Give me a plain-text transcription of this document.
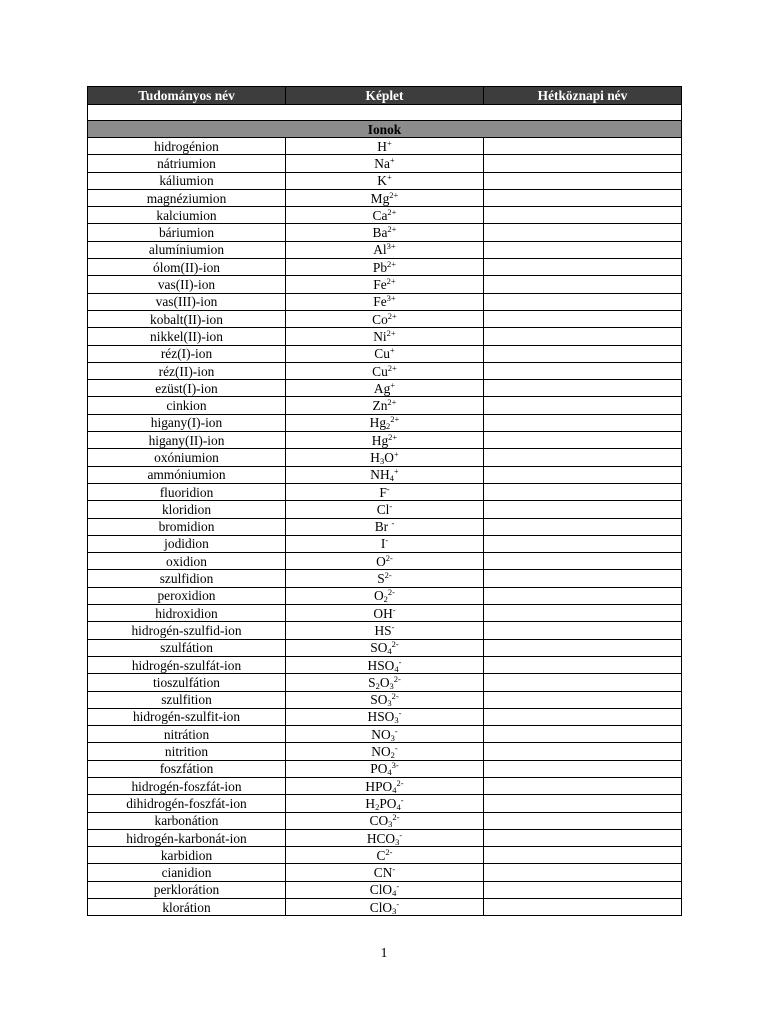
Tudományos név	Képlet	Hétköznapi név

Ionok		
hidrogénion	H+	
nátriumion	Na+	
káliumion	K+	
magnéziumion	$Mg^{2+}$	
kalciumion	$Ca^{2+}$	
báriumion	$Ba^{2+}$	
alumíniumion	$Al^{3+}$	
ólom(II)-ion	$Pb^{2+}$	
vas(II)-ion	$Fe^{2+}$	
vas(III)-ion	$Fe^{3+}$	
kobalt(II)-ion	$Co^{2+}$	
nikkel(II)-ion	$Ni^{2+}$	
réz(I)-ion	Cu+	
réz(II)-ion	$Cu^{2+}$	
ezüst(I)-ion	Ag+	
cinkion	$Zn^{2+}$	
higany(I)-ion	$Hg_2^{2+}$	
higany(II)-ion	$Hg^{2+}$	
oxóniumion	$H_3O^+$	
ammóniumion	$NH_4^+$	
fluoridion	F-	
kloridion	Cl-	
bromidion	Br -	
jodidion	I-	
oxidion	$O^{2-}$	
szulfidion	$S^{2-}$	
peroxidion	$O_2^{2-}$	
hidroxidion	OH-	
hidrogén-szulfid-ion	HS-	
szulfátion	$SO_4^{2-}$	
hidrogén-szulfát-ion	$HSO_4^-$	
tioszulfátion	$S_2O_3^{2-}$	
szulfition	$SO_3^{2-}$	
hidrogén-szulfit-ion	$HSO_3^-$	
nitrátion	$NO_3^-$	
nitrition	$NO_2^-$	
foszfátion	$PO_4^{3-}$	
hidrogén-foszfát-ion	$HPO_4^{2-}$	
dihidrogén-foszfát-ion	$H_2PO_4^-$	
karbonátion	$CO_3^{2-}$	
hidrogén-karbonát-ion	$HCO_3^-$	
karbidion	$C^{2-}$	
cianidion	CN-	
perklorátion	ClO$_4$-	
klorátion	ClO$_3$-	
1
